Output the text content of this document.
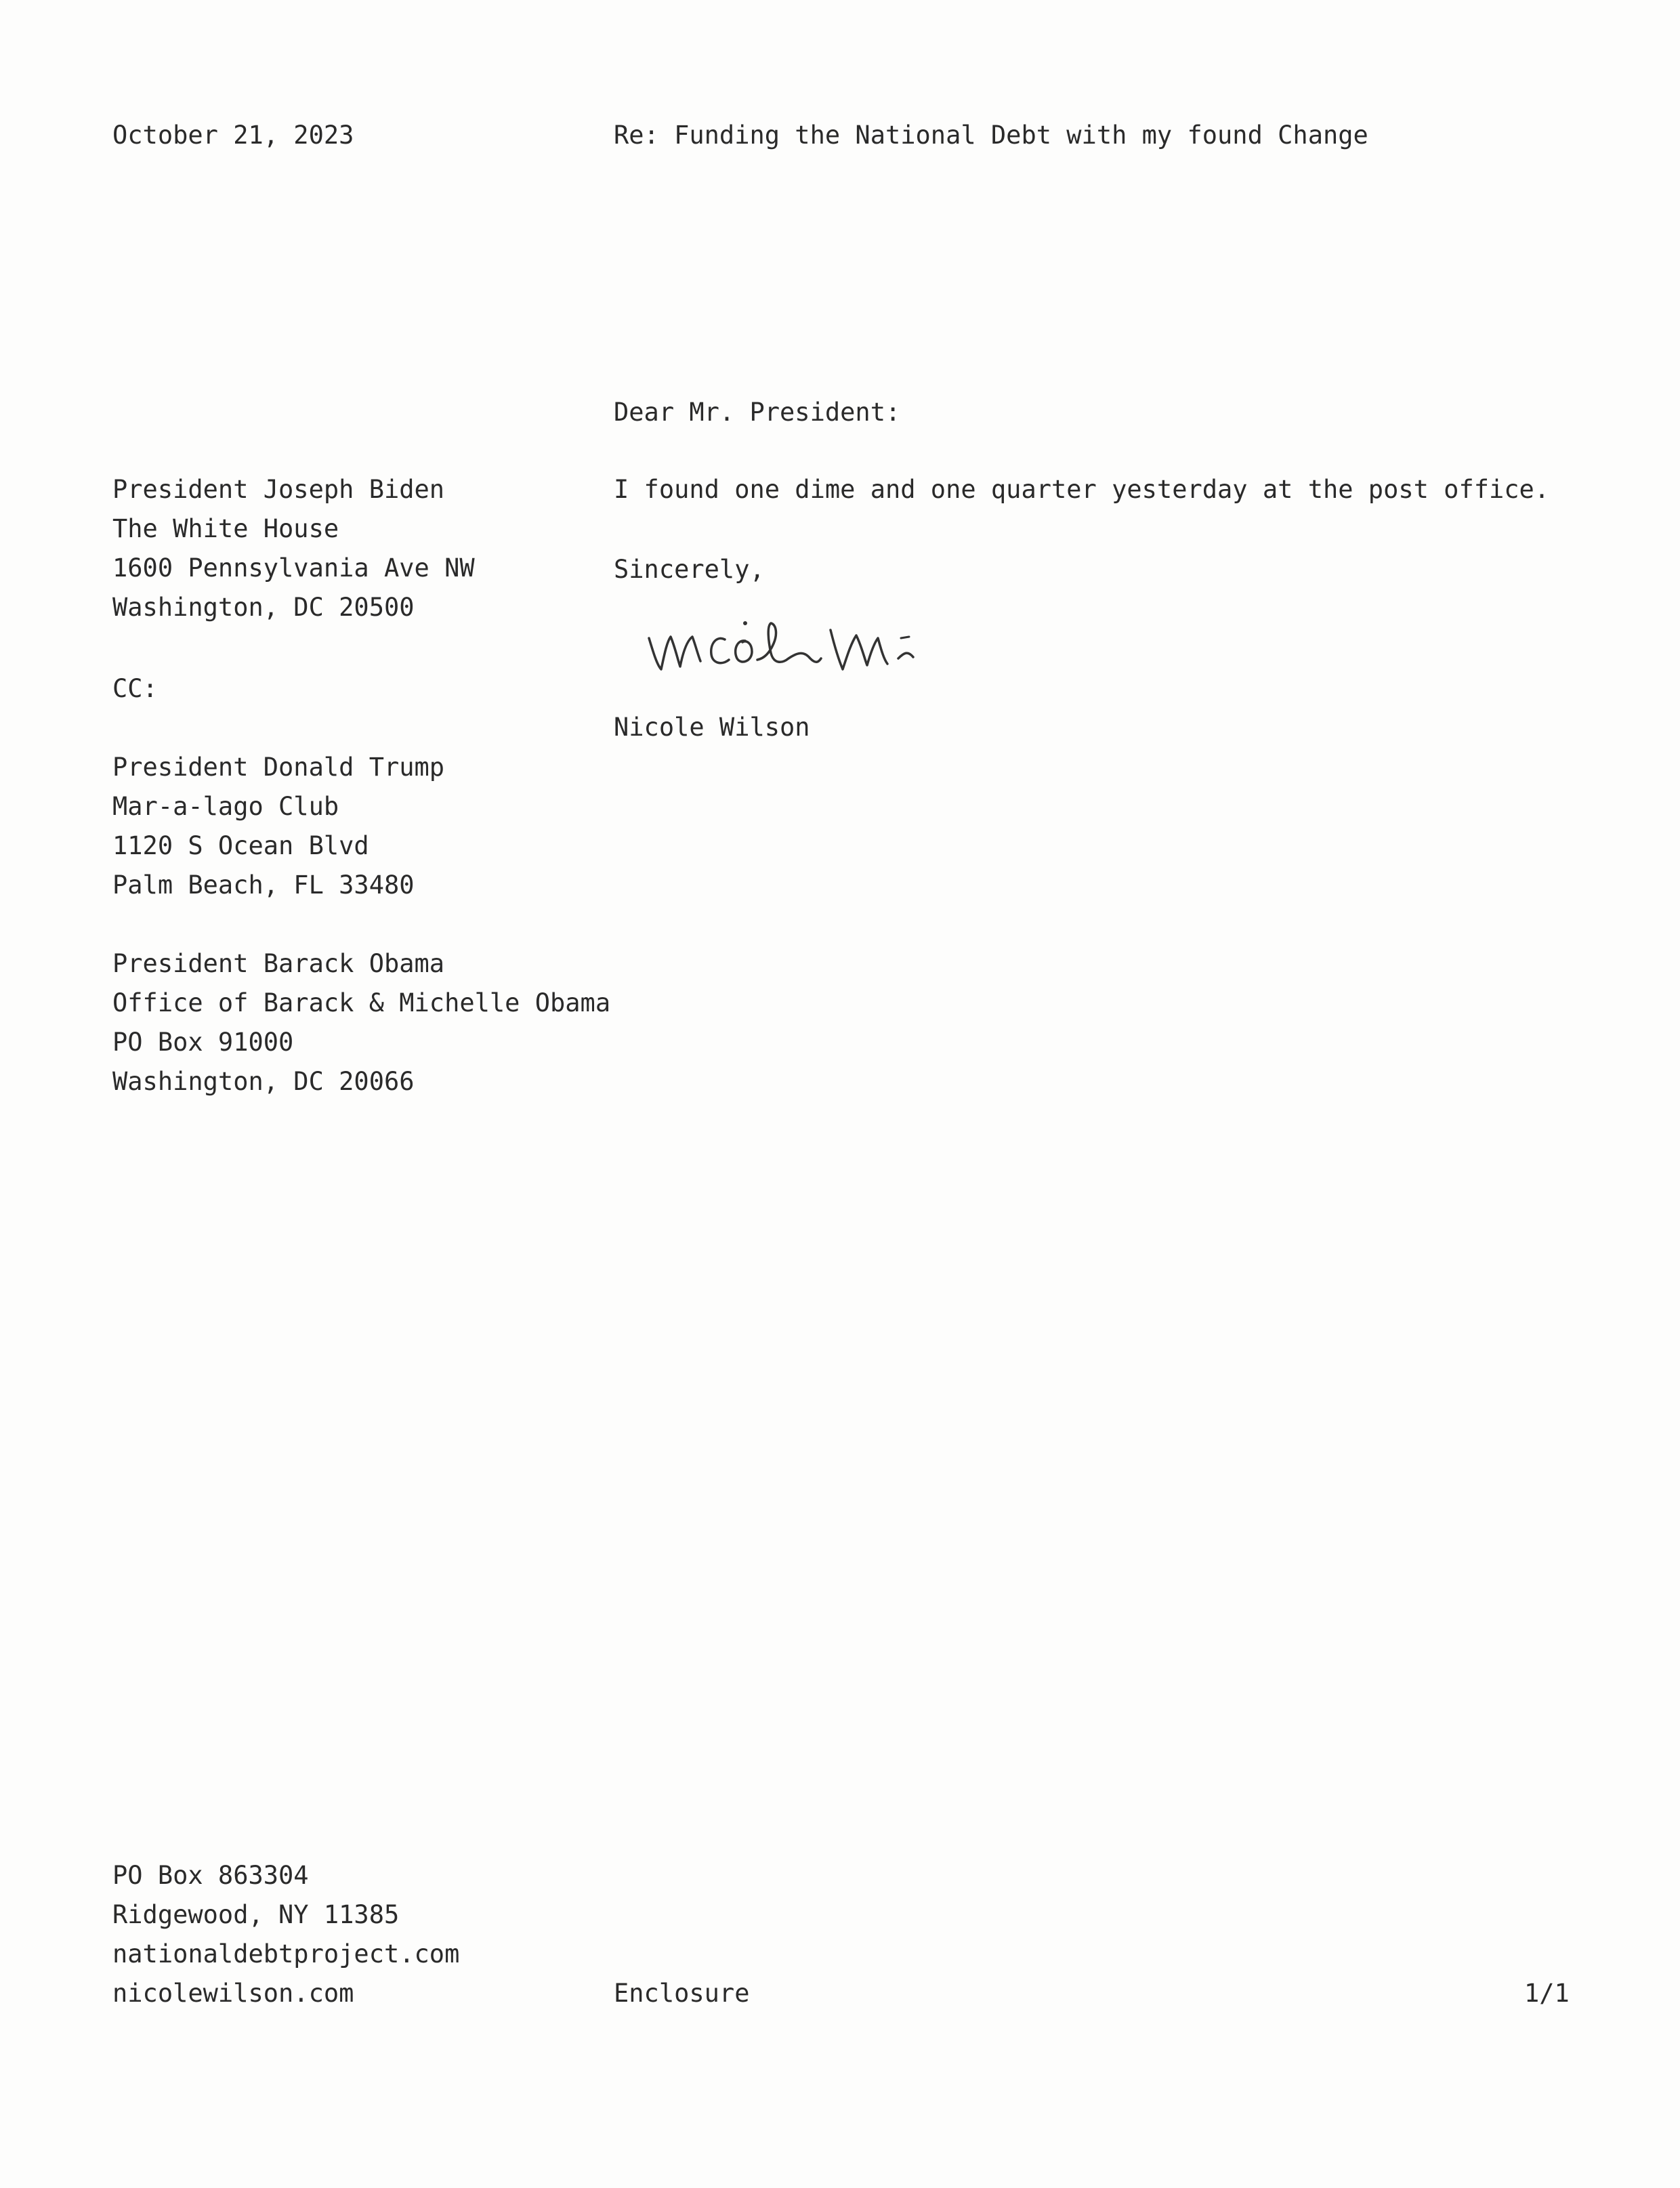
October 21, 2023	Re: Funding the National Debt with my found Change
Dear Mr. President:
I found one dime and one quarter yesterday at the post office.
Sincerely,
Nicole Wilson
President Joseph Biden
The White House
1600 Pennsylvania Ave NW
Washington, DC 20500
CC:
President Donald Trump
Mar-a-lago Club
1120 S Ocean Blvd
Palm Beach, FL 33480
President Barack Obama
Office of Barack & Michelle Obama
PO Box 91000
Washington, DC 20066
PO Box 863304
Ridgewood, NY 11385
nationaldebtproject.com
nicolewilson.com	Enclosure	1/1
